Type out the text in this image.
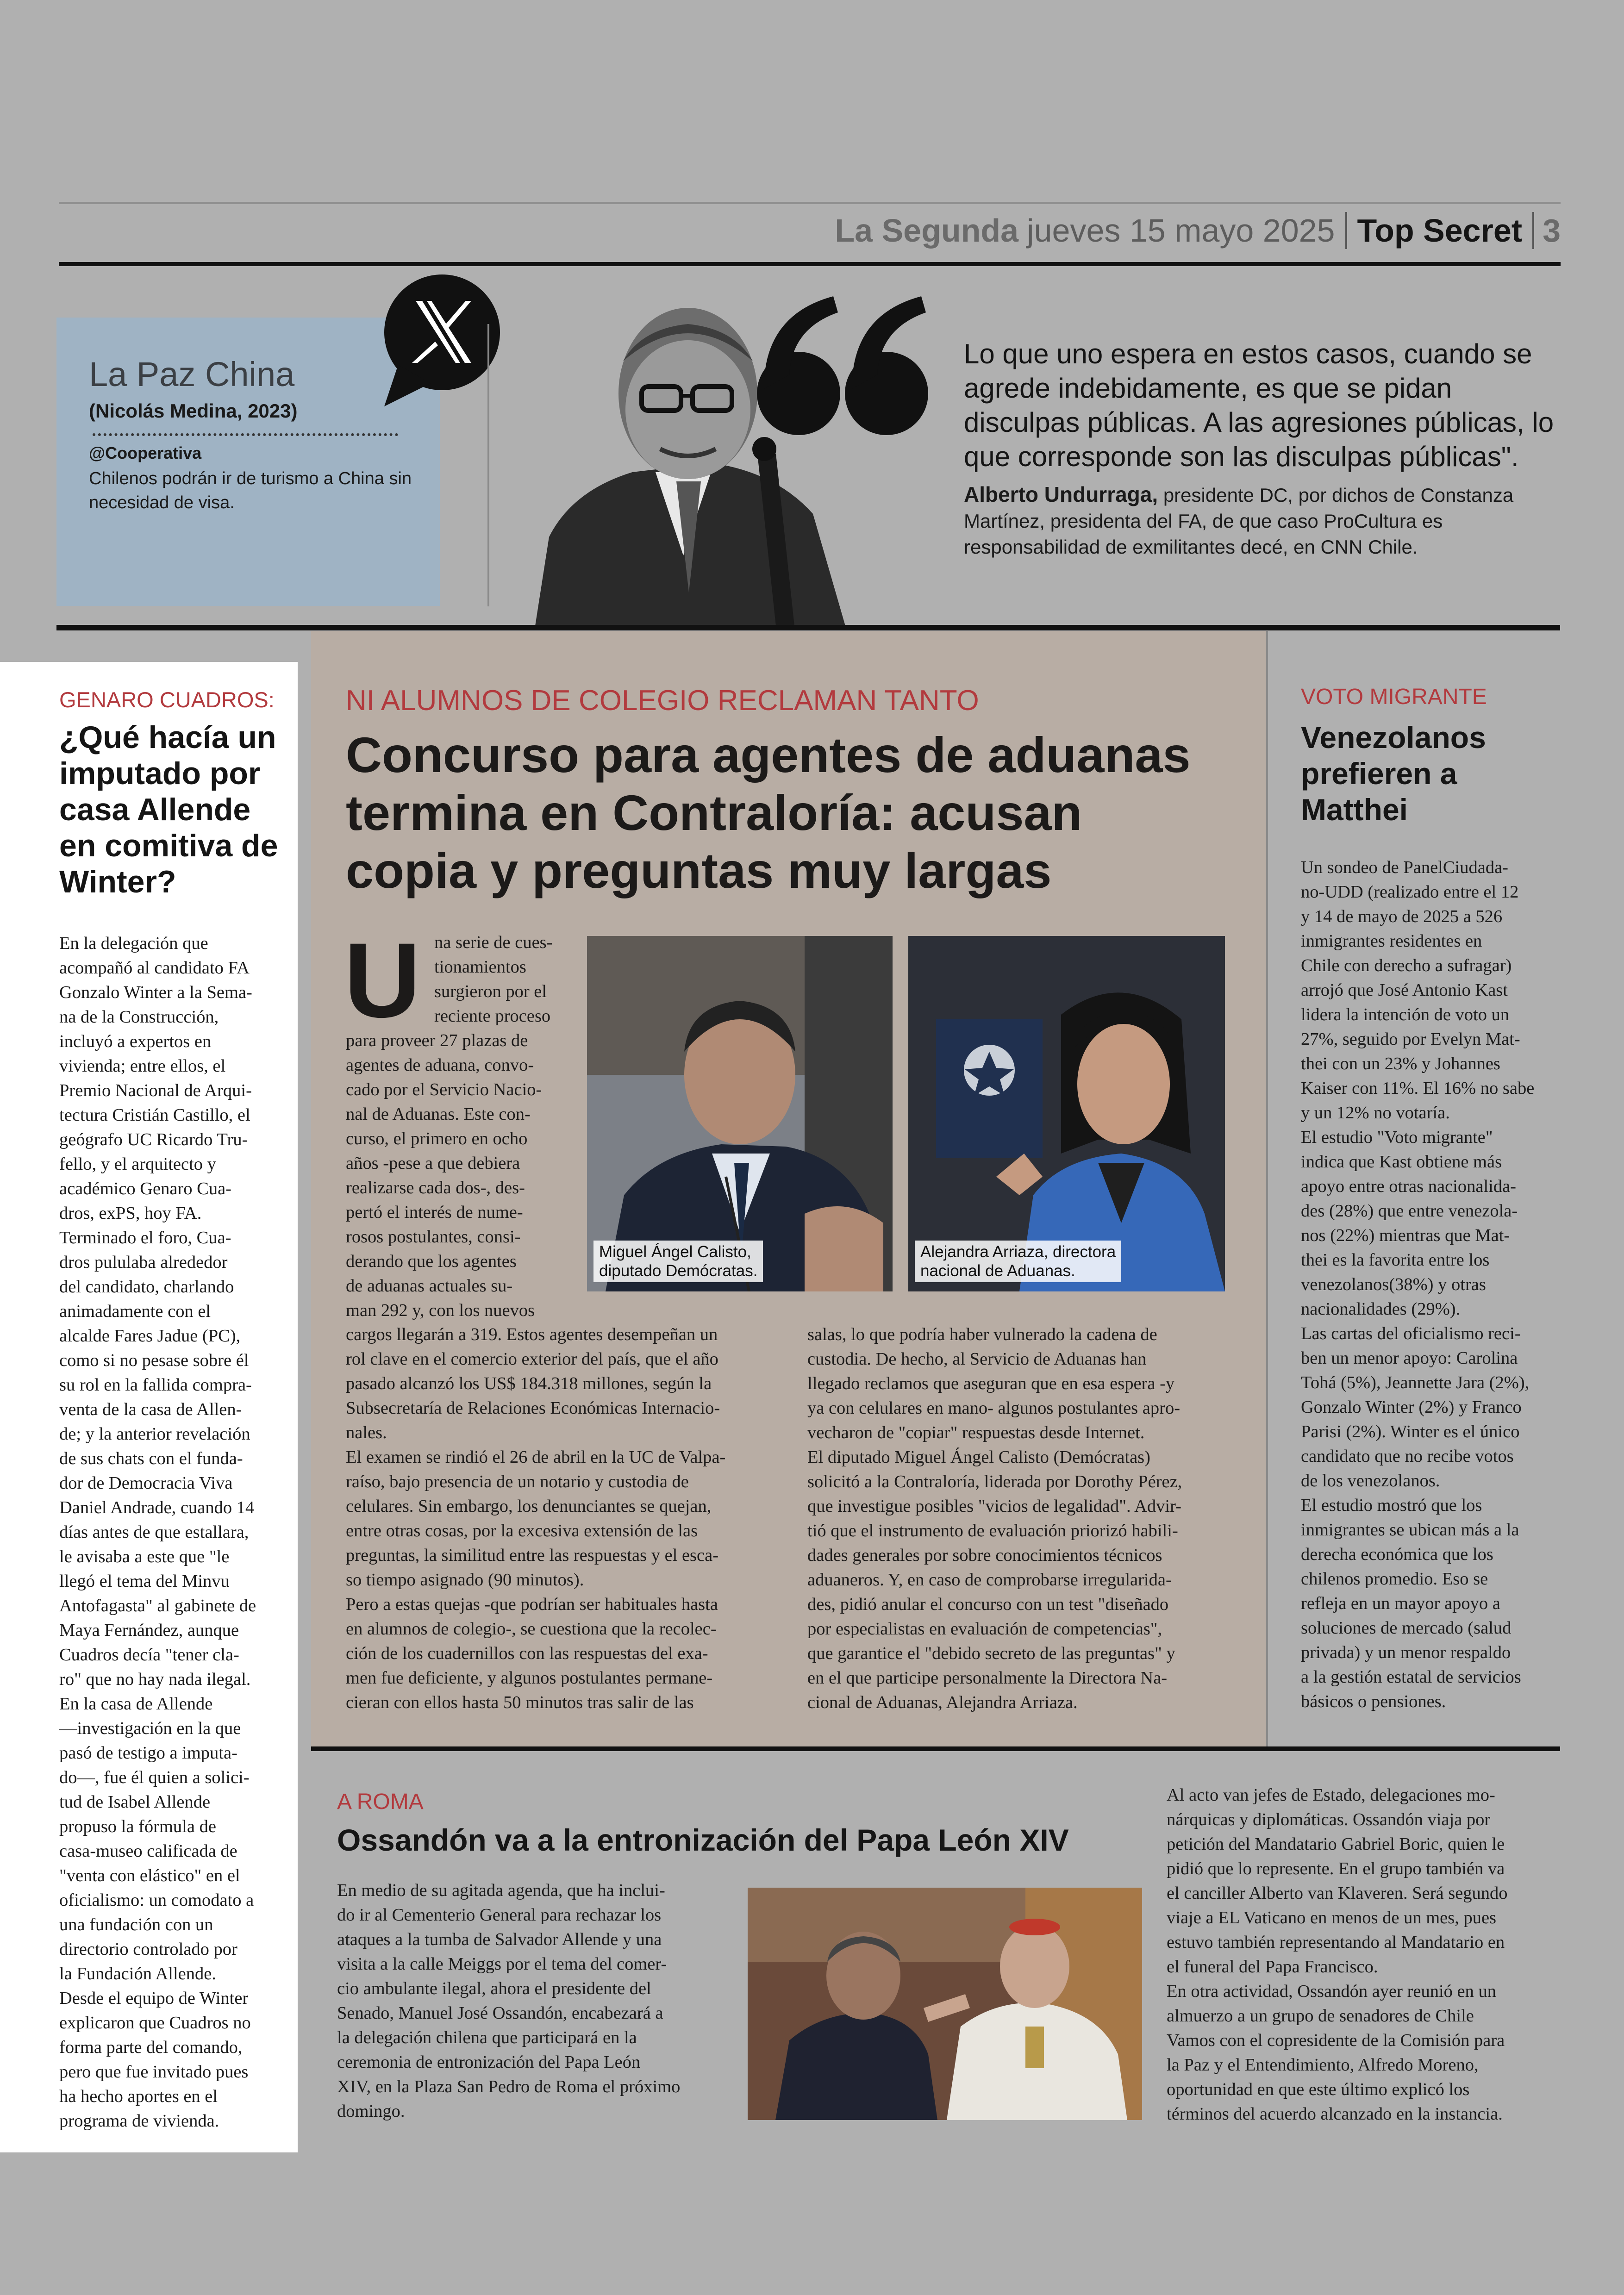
La Segunda jueves 15 mayo 2025 Top Secret 3
La Paz China
(Nicolás Medina, 2023)
@Cooperativa
Chilenos podrán ir de turismo a China sin necesidad de visa.
Lo que uno espera en estos casos, cuando se agrede indebidamente, es que se pidan disculpas públicas. A las agresiones públicas, lo que corresponde son las disculpas públicas".
Alberto Undurraga, presidente DC, por dichos de Constanza Martínez, presidenta del FA, de que caso ProCultura es responsabilidad de exmilitantes decé, en CNN Chile.
GENARO CUADROS:
¿Qué hacía un imputado por casa Allende en comitiva de Winter?
En la delegación que
acompañó al candidato FA
Gonzalo Winter a la Sema-
na de la Construcción,
incluyó a expertos en
vivienda; entre ellos, el
Premio Nacional de Arqui-
tectura Cristián Castillo, el
geógrafo UC Ricardo Tru-
fello, y el arquitecto y
académico Genaro Cua-
dros, exPS, hoy FA.
Terminado el foro, Cua-
dros pululaba alrededor
del candidato, charlando
animadamente con el
alcalde Fares Jadue (PC),
como si no pesase sobre él
su rol en la fallida compra-
venta de la casa de Allen-
de; y la anterior revelación
de sus chats con el funda-
dor de Democracia Viva
Daniel Andrade, cuando 14
días antes de que estallara,
le avisaba a este que "le
llegó el tema del Minvu
Antofagasta" al gabinete de
Maya Fernández, aunque
Cuadros decía "tener cla-
ro" que no hay nada ilegal.
En la casa de Allende
—investigación en la que
pasó de testigo a imputa-
do—, fue él quien a solici-
tud de Isabel Allende
propuso la fórmula de
casa-museo calificada de
"venta con elástico" en el
oficialismo: un comodato a
una fundación con un
directorio controlado por
la Fundación Allende.
Desde el equipo de Winter
explicaron que Cuadros no
forma parte del comando,
pero que fue invitado pues
ha hecho aportes en el
programa de vivienda.
NI ALUMNOS DE COLEGIO RECLAMAN TANTO
Concurso para agentes de aduanas termina en Contraloría: acusan copia y preguntas muy largas
U na serie de cues-
tionamientos
surgieron por el
reciente proceso
para proveer 27 plazas de
agentes de aduana, convo-
cado por el Servicio Nacio-
nal de Aduanas. Este con-
curso, el primero en ocho
años -pese a que debiera
realizarse cada dos-, des-
pertó el interés de nume-
rosos postulantes, consi-
derando que los agentes
de aduanas actuales su-
man 292 y, con los nuevos
Miguel Ángel Calisto,
diputado Demócratas.
Alejandra Arriaza, directora
nacional de Aduanas.
cargos llegarán a 319. Estos agentes desempeñan un
rol clave en el comercio exterior del país, que el año
pasado alcanzó los US$ 184.318 millones, según la
Subsecretaría de Relaciones Económicas Internacio-
nales.
El examen se rindió el 26 de abril en la UC de Valpa-
raíso, bajo presencia de un notario y custodia de
celulares. Sin embargo, los denunciantes se quejan,
entre otras cosas, por la excesiva extensión de las
preguntas, la similitud entre las respuestas y el esca-
so tiempo asignado (90 minutos).
Pero a estas quejas -que podrían ser habituales hasta
en alumnos de colegio-, se cuestiona que la recolec-
ción de los cuadernillos con las respuestas del exa-
men fue deficiente, y algunos postulantes permane-
cieran con ellos hasta 50 minutos tras salir de las
salas, lo que podría haber vulnerado la cadena de
custodia. De hecho, al Servicio de Aduanas han
llegado reclamos que aseguran que en esa espera -y
ya con celulares en mano- algunos postulantes apro-
vecharon de "copiar" respuestas desde Internet.
El diputado Miguel Ángel Calisto (Demócratas)
solicitó a la Contraloría, liderada por Dorothy Pérez,
que investigue posibles "vicios de legalidad". Advir-
tió que el instrumento de evaluación priorizó habili-
dades generales por sobre conocimientos técnicos
aduaneros. Y, en caso de comprobarse irregularida-
des, pidió anular el concurso con un test "diseñado
por especialistas en evaluación de competencias",
que garantice el "debido secreto de las preguntas" y
en el que participe personalmente la Directora Na-
cional de Aduanas, Alejandra Arriaza.
VOTO MIGRANTE
Venezolanos prefieren a Matthei
Un sondeo de PanelCiudada-
no-UDD (realizado entre el 12
y 14 de mayo de 2025 a 526
inmigrantes residentes en
Chile con derecho a sufragar)
arrojó que José Antonio Kast
lidera la intención de voto un
27%, seguido por Evelyn Mat-
thei con un 23% y Johannes
Kaiser con 11%. El 16% no sabe
y un 12% no votaría.
El estudio "Voto migrante"
indica que Kast obtiene más
apoyo entre otras nacionalida-
des (28%) que entre venezola-
nos (22%) mientras que Mat-
thei es la favorita entre los
venezolanos(38%) y otras
nacionalidades (29%).
Las cartas del oficialismo reci-
ben un menor apoyo: Carolina
Tohá (5%), Jeannette Jara (2%),
Gonzalo Winter (2%) y Franco
Parisi (2%). Winter es el único
candidato que no recibe votos
de los venezolanos.
El estudio mostró que los
inmigrantes se ubican más a la
derecha económica que los
chilenos promedio. Eso se
refleja en un mayor apoyo a
soluciones de mercado (salud
privada) y un menor respaldo
a la gestión estatal de servicios
básicos o pensiones.
A ROMA
Ossandón va a la entronización del Papa León XIV
En medio de su agitada agenda, que ha inclui-
do ir al Cementerio General para rechazar los
ataques a la tumba de Salvador Allende y una
visita a la calle Meiggs por el tema del comer-
cio ambulante ilegal, ahora el presidente del
Senado, Manuel José Ossandón, encabezará a
la delegación chilena que participará en la
ceremonia de entronización del Papa León
XIV, en la Plaza San Pedro de Roma el próximo
domingo.
Al acto van jefes de Estado, delegaciones mo-
nárquicas y diplomáticas. Ossandón viaja por
petición del Mandatario Gabriel Boric, quien le
pidió que lo represente. En el grupo también va
el canciller Alberto van Klaveren. Será segundo
viaje a EL Vaticano en menos de un mes, pues
estuvo también representando al Mandatario en
el funeral del Papa Francisco.
En otra actividad, Ossandón ayer reunió en un
almuerzo a un grupo de senadores de Chile
Vamos con el copresidente de la Comisión para
la Paz y el Entendimiento, Alfredo Moreno,
oportunidad en que este último explicó los
términos del acuerdo alcanzado en la instancia.
